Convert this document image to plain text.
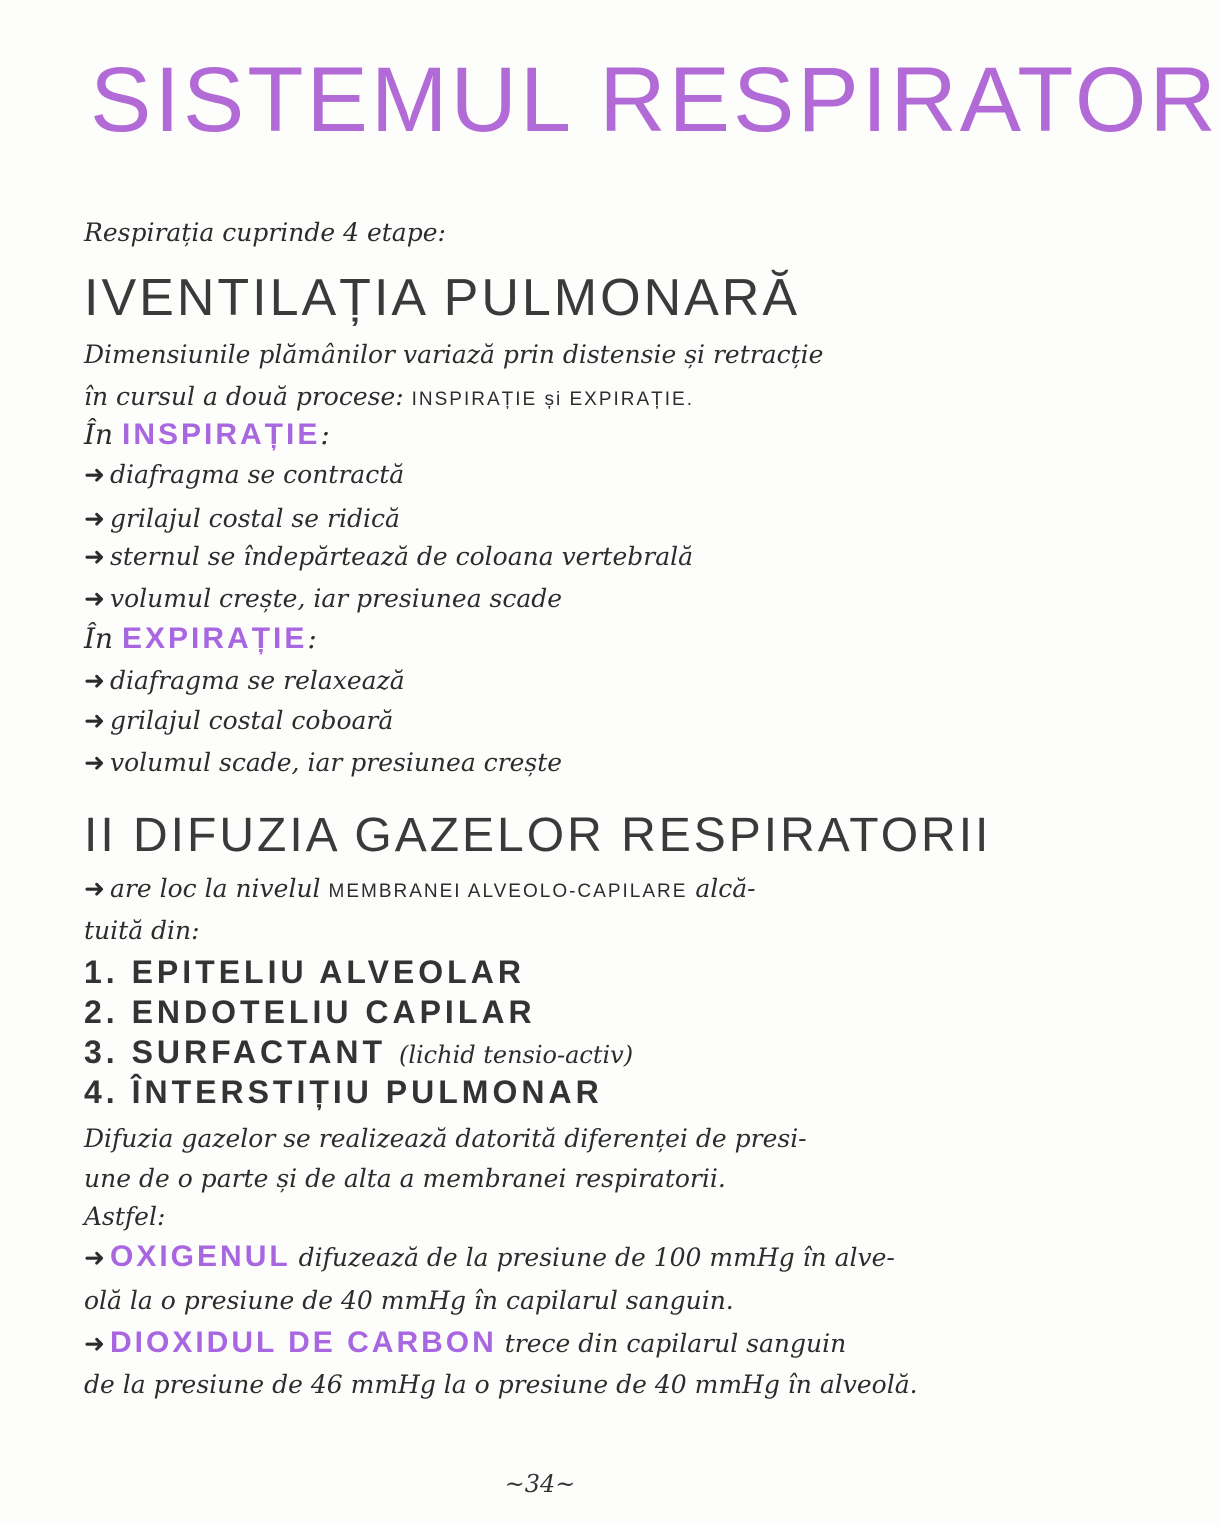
SISTEMUL RESPIRATOR
Respirația cuprinde 4 etape:
IVENTILAȚIA PULMONARĂ
Dimensiunile plămânilor variază prin distensie și retracție
în cursul a două procese: INSPIRAȚIE și EXPIRAȚIE.
În INSPIRAȚIE:
➜ diafragma se contractă
➜ grilajul costal se ridică
➜ sternul se îndepărtează de coloana vertebrală
➜ volumul crește, iar presiunea scade
În EXPIRAȚIE:
➜ diafragma se relaxează
➜ grilajul costal coboară
➜ volumul scade, iar presiunea crește
II DIFUZIA GAZELOR RESPIRATORII
➜ are loc la nivelul MEMBRANEI ALVEOLO-CAPILARE alcă-
tuită din:
1. EPITELIU ALVEOLAR
2. ENDOTELIU CAPILAR
3. SURFACTANT (lichid tensio-activ)
4. ÎNTERSTIȚIU PULMONAR
Difuzia gazelor se realizează datorită diferenței de presi-
une de o parte și de alta a membranei respiratorii.
Astfel:
➜ OXIGENUL difuzează de la presiune de 100 mmHg în alve-
olă la o presiune de 40 mmHg în capilarul sanguin.
➜ DIOXIDUL DE CARBON trece din capilarul sanguin
de la presiune de 46 mmHg la o presiune de 40 mmHg în alveolă.
~34~
